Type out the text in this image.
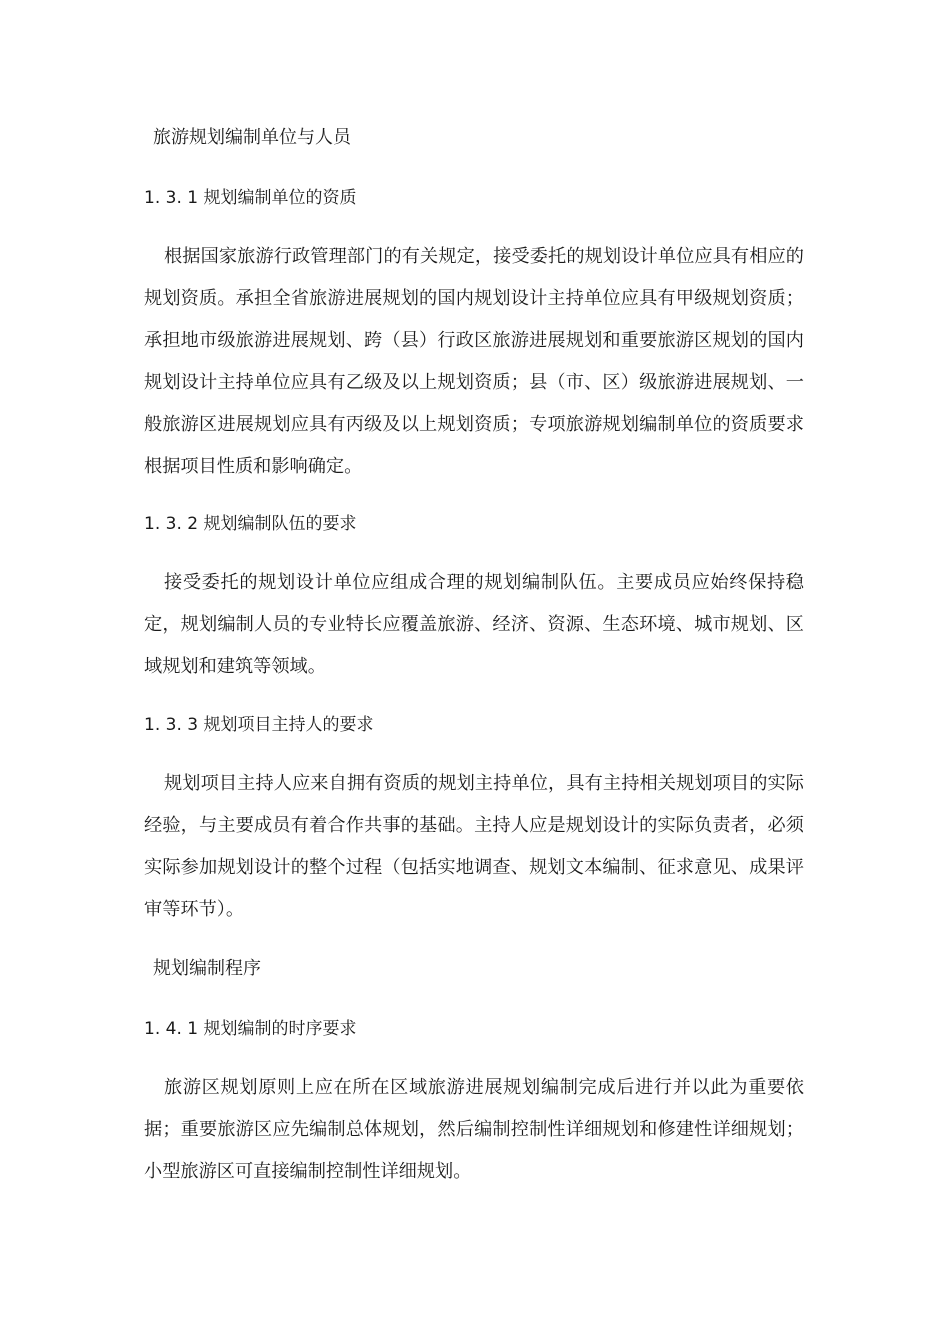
旅游规划编制单位与人员
1. 3. 1 规划编制单位的资质
根据国家旅游行政管理部门的有关规定，接受委托的规划设计单位应具有相应的规划资质。承担全省旅游进展规划的国内规划设计主持单位应具有甲级规划资质；承担地市级旅游进展规划、跨（县）行政区旅游进展规划和重要旅游区规划的国内规划设计主持单位应具有乙级及以上规划资质；县（市、区）级旅游进展规划、一般旅游区进展规划应具有丙级及以上规划资质；专项旅游规划编制单位的资质要求根据项目性质和影响确定。
1. 3. 2 规划编制队伍的要求
接受委托的规划设计单位应组成合理的规划编制队伍。主要成员应始终保持稳定，规划编制人员的专业特长应覆盖旅游、经济、资源、生态环境、城市规划、区域规划和建筑等领域。
1. 3. 3 规划项目主持人的要求
规划项目主持人应来自拥有资质的规划主持单位，具有主持相关规划项目的实际经验，与主要成员有着合作共事的基础。主持人应是规划设计的实际负责者，必须实际参加规划设计的整个过程（包括实地调查、规划文本编制、征求意见、成果评审等环节）。
规划编制程序
1. 4. 1 规划编制的时序要求
旅游区规划原则上应在所在区域旅游进展规划编制完成后进行并以此为重要依据；重要旅游区应先编制总体规划，然后编制控制性详细规划和修建性详细规划；小型旅游区可直接编制控制性详细规划。
